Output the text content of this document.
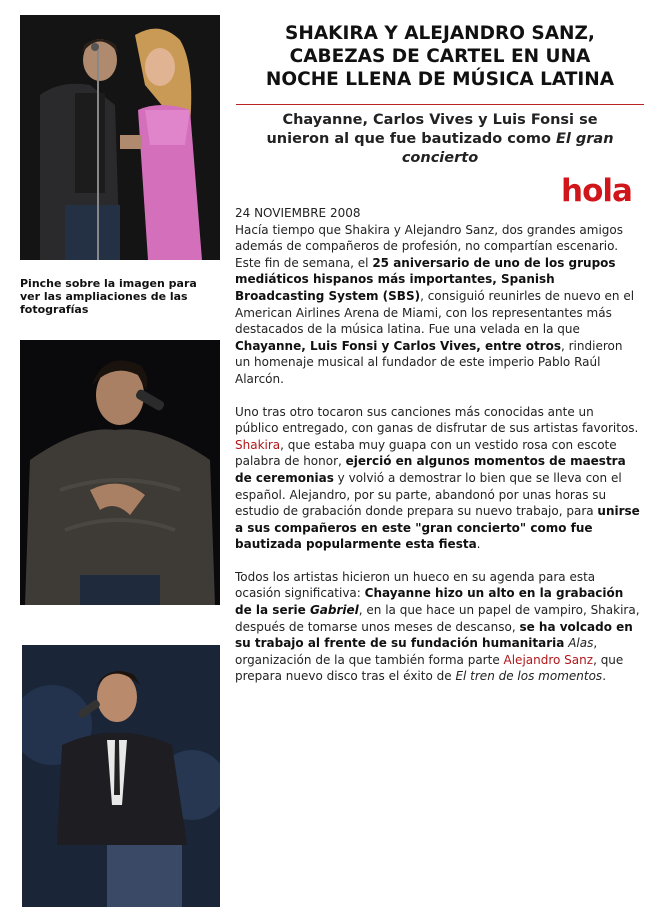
Pinche sobre la imagen para ver las ampliaciones de las fotografías
SHAKIRA Y ALEJANDRO SANZ,
CABEZAS DE CARTEL EN UNA
NOCHE LLENA DE MÚSICA LATINA
Chayanne, Carlos Vives y Luis Fonsi se unieron al que fue bautizado como El gran concierto
hola
24 NOVIEMBRE 2008

Hacía tiempo que Shakira y Alejandro Sanz, dos grandes amigos además de compañeros de profesión, no compartían escenario. Este fin de semana, el 25 aniversario de uno de los grupos mediáticos hispanos más importantes, Spanish Broadcasting System (SBS), consiguió reunirles de nuevo en el American Airlines Arena de Miami, con los representantes más destacados de la música latina. Fue una velada en la que Chayanne, Luis Fonsi y Carlos Vives, entre otros, rindieron un homenaje musical al fundador de este imperio Pablo Raúl Alarcón.

Uno tras otro tocaron sus canciones más conocidas ante un público entregado, con ganas de disfrutar de sus artistas favoritos. Shakira, que estaba muy guapa con un vestido rosa con escote palabra de honor, ejerció en algunos momentos de maestra de ceremonias y volvió a demostrar lo bien que se lleva con el español. Alejandro, por su parte, abandonó por unas horas su estudio de grabación donde prepara su nuevo trabajo, para unirse a sus compañeros en este "gran concierto" como fue bautizada popularmente esta fiesta.

Todos los artistas hicieron un hueco en su agenda para esta ocasión significativa: Chayanne hizo un alto en la grabación de la serie Gabriel, en la que hace un papel de vampiro, Shakira, después de tomarse unos meses de descanso, se ha volcado en su trabajo al frente de su fundación humanitaria Alas, organización de la que también forma parte Alejandro Sanz, que prepara nuevo disco tras el éxito de El tren de los momentos.
